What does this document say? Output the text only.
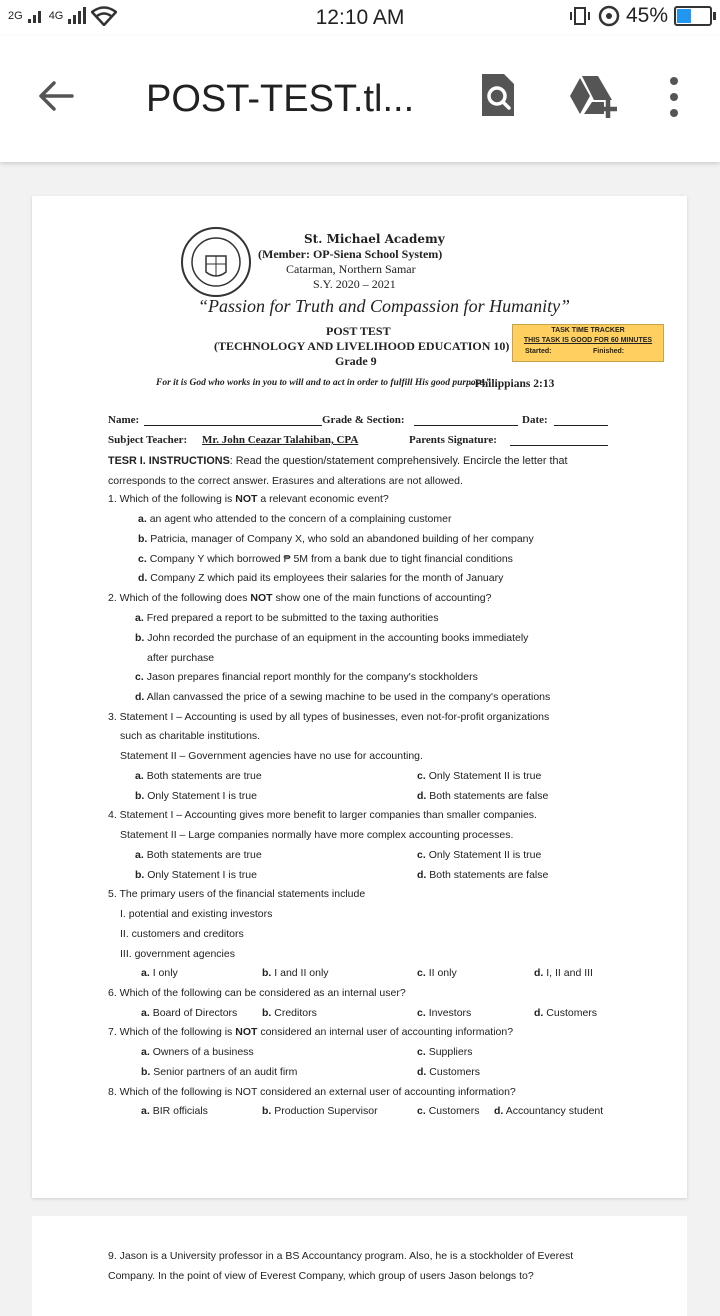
2G 4G	12:10 AM	45%
POST-TEST.tl...
St. Michael Academy
(Member: OP-Siena School System)
Catarman, Northern Samar
S.Y. 2020 – 2021
“Passion for Truth and Compassion for Humanity”
POST TEST
(TECHNOLOGY AND LIVELIHOOD EDUCATION 10)
Grade 9
TASK TIME TRACKER
THIS TASK IS GOOD FOR 60 MINUTES
Started:	Finished:
For it is God who works in you to will and to act in order to fulfill His good purpose.”
–Philippians 2:13
Name:	Grade & Section:	Date:
Subject Teacher: Mr. John Ceazar Talahiban, CPA	Parents Signature:
TESR I. INSTRUCTIONS: Read the question/statement comprehensively. Encircle the letter that
corresponds to the correct answer. Erasures and alterations are not allowed.
1. Which of the following is NOT a relevant economic event?
a. an agent who attended to the concern of a complaining customer
b. Patricia, manager of Company X, who sold an abandoned building of her company
c. Company Y which borrowed ₱ 5M from a bank due to tight financial conditions
d. Company Z which paid its employees their salaries for the month of January
2. Which of the following does NOT show one of the main functions of accounting?
a. Fred prepared a report to be submitted to the taxing authorities
b. John recorded the purchase of an equipment in the accounting books immediately
after purchase
c. Jason prepares financial report monthly for the company's stockholders
d. Allan canvassed the price of a sewing machine to be used in the company's operations
3. Statement I – Accounting is used by all types of businesses, even not-for-profit organizations
such as charitable institutions.
Statement II – Government agencies have no use for accounting.
a. Both statements are true	c. Only Statement II is true
b. Only Statement I is true	d. Both statements are false
4. Statement I – Accounting gives more benefit to larger companies than smaller companies.
Statement II – Large companies normally have more complex accounting processes.
a. Both statements are true	c. Only Statement II is true
b. Only Statement I is true	d. Both statements are false
5. The primary users of the financial statements include
I. potential and existing investors
II. customers and creditors
III. government agencies
a. I only	b. I and II only	c. II only	d. I, II and III
6. Which of the following can be considered as an internal user?
a. Board of Directors b. Creditors	c. Investors	d. Customers
7. Which of the following is NOT considered an internal user of accounting information?
a. Owners of a business	c. Suppliers
b. Senior partners of an audit firm	d. Customers
8. Which of the following is NOT considered an external user of accounting information?
a. BIR officials	b. Production Supervisor	c. Customers d. Accountancy student
9. Jason is a University professor in a BS Accountancy program. Also, he is a stockholder of Everest
Company. In the point of view of Everest Company, which group of users Jason belongs to?
